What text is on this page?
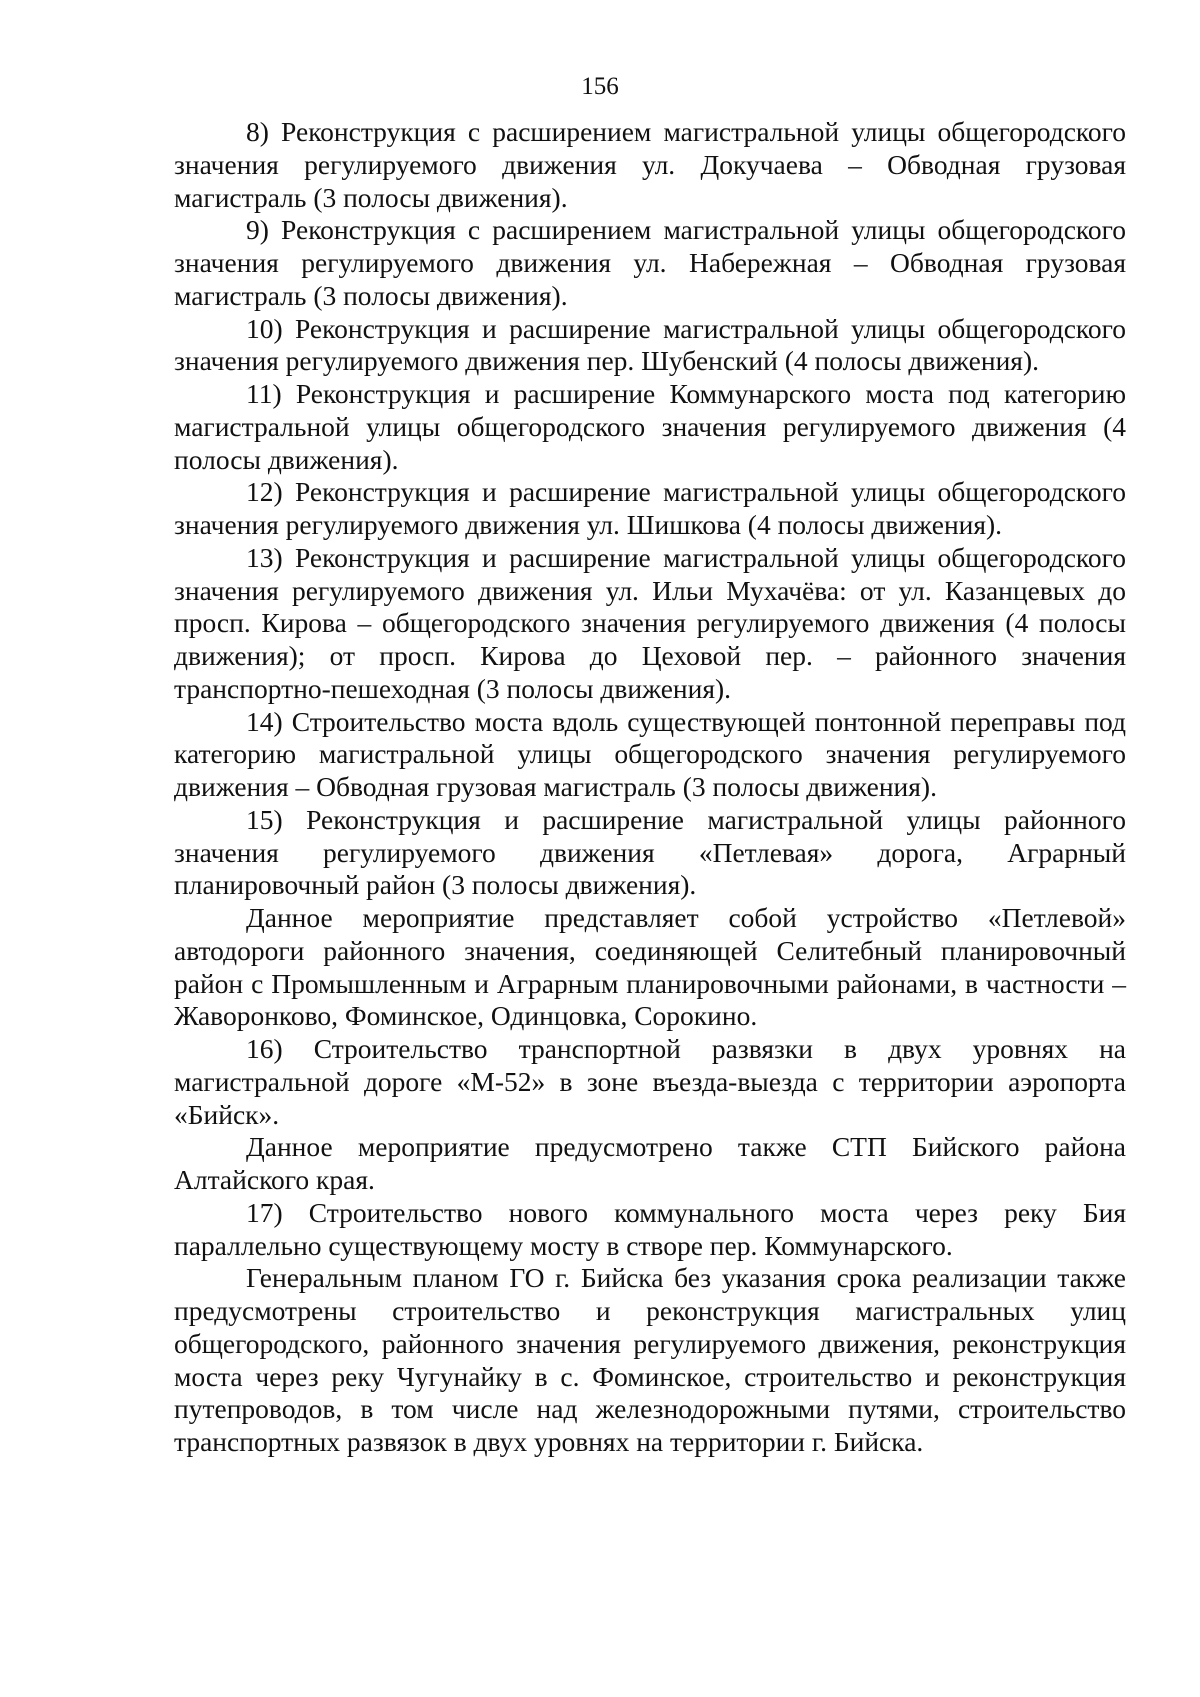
156

8) Реконструкция с расширением магистральной улицы общегородского значения регулируемого движения ул. Докучаева – Обводная грузовая магистраль (3 полосы движения).

9) Реконструкция с расширением магистральной улицы общегородского значения регулируемого движения ул. Набережная – Обводная грузовая магистраль (3 полосы движения).

10) Реконструкция и расширение магистральной улицы общегородского значения регулируемого движения пер. Шубенский (4 полосы движения).

11) Реконструкция и расширение Коммунарского моста под категорию магистральной улицы общегородского значения регулируемого движения (4 полосы движения).

12) Реконструкция и расширение магистральной улицы общегородского значения регулируемого движения ул. Шишкова (4 полосы движения).

13) Реконструкция и расширение магистральной улицы общегородского значения регулируемого движения ул. Ильи Мухачёва: от ул. Казанцевых до просп. Кирова – общегородского значения регулируемого движения (4 полосы движения); от просп. Кирова до Цеховой пер. – районного значения транспортно-пешеходная (3 полосы движения).

14) Строительство моста вдоль существующей понтонной переправы под категорию магистральной улицы общегородского значения регулируемого движения – Обводная грузовая магистраль (3 полосы движения).

15) Реконструкция и расширение магистральной улицы районного значения регулируемого движения «Петлевая» дорога, Аграрный планировочный район (3 полосы движения).

Данное мероприятие представляет собой устройство «Петлевой» автодороги районного значения, соединяющей Селитебный планировочный район с Промышленным и Аграрным планировочными районами, в частности – Жаворонково, Фоминское, Одинцовка, Сорокино.

16) Строительство транспортной развязки в двух уровнях на магистральной дороге «М-52» в зоне въезда-выезда с территории аэропорта «Бийск».

Данное мероприятие предусмотрено также СТП Бийского района Алтайского края.

17) Строительство нового коммунального моста через реку Бия параллельно существующему мосту в створе пер. Коммунарского.

Генеральным планом ГО г. Бийска без указания срока реализации также предусмотрены строительство и реконструкция магистральных улиц общегородского, районного значения регулируемого движения, реконструкция моста через реку Чугунайку в с. Фоминское, строительство и реконструкция путепроводов, в том числе над железнодорожными путями, строительство транспортных развязок в двух уровнях на территории г. Бийска.
